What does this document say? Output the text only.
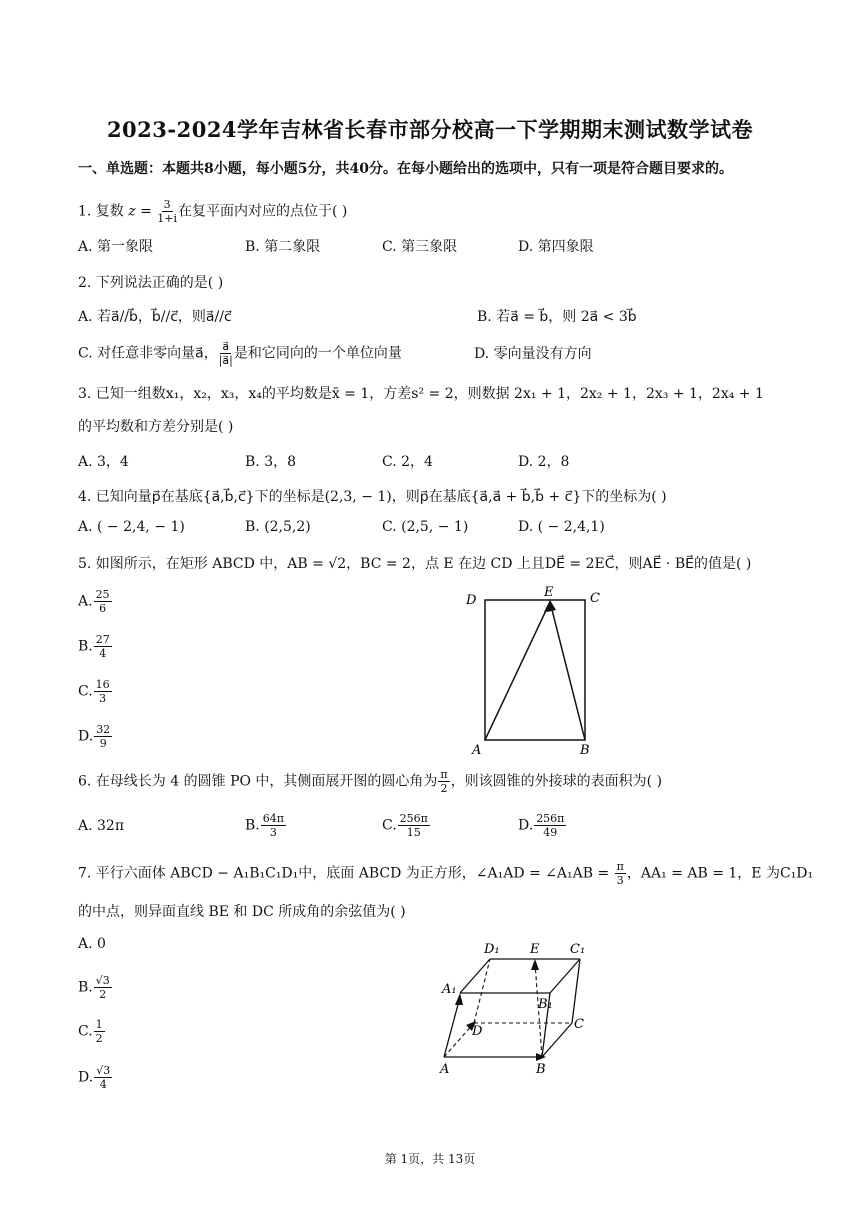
2023-2024学年吉林省长春市部分校高一下学期期末测试数学试卷
一、单选题：本题共8小题，每小题5分，共40分。在每小题给出的选项中，只有一项是符合题目要求的。
1. 复数 $z = \frac{3}{1+i}$ 在复平面内对应的点位于( )
A. 第一象限	B. 第二象限	C. 第三象限	D. 第四象限
2. 下列说法正确的是( )
A. 若a⃗//b⃗，b⃗//c⃗，则a⃗//c⃗	B. 若a⃗ = b⃗，则 2a⃗ < 3b⃗
C. 对任意非零向量a⃗， $\frac{a⃗}{|a⃗|}$ 是和它同向的一个单位向量	D. 零向量没有方向
3. 已知一组数x₁，x₂，x₃，x₄的平均数是x̄ = 1，方差s² = 2，则数据 2x₁ + 1，2x₂ + 1，2x₃ + 1，2x₄ + 1
的平均数和方差分别是( )
A. 3，4	B. 3，8	C. 2，4	D. 2，8
4. 已知向量p⃗在基底{a⃗,b⃗,c⃗}下的坐标是(2,3, − 1)，则p⃗在基底{a⃗,a⃗ + b⃗,b⃗ + c⃗}下的坐标为( )
A. ( − 2,4, − 1)	B. (2,5,2)	C. (2,5, − 1)	D. ( − 2,4,1)
5. 如图所示，在矩形 ABCD 中，AB = √2，BC = 2，点 E 在边 CD 上且DE⃗ = 2EC⃗，则AE⃗ · BE⃗的值是( )
A. $\frac{25}{6}$
B. $\frac{27}{4}$
C. $\frac{16}{3}$
D. $\frac{32}{9}$
D
E	C
A	B
6. 在母线长为 4 的圆锥 PO 中，其侧面展开图的圆心角为 $\frac{\pi}{2}$ ，则该圆锥的外接球的表面积为( )
A. 32π	B. $\frac{64\pi}{3}$	C. $\frac{256\pi}{15}$	D. $\frac{256\pi}{49}$
7. 平行六面体 ABCD − A₁B₁C₁D₁中，底面 ABCD 为正方形，∠A₁AD = ∠A₁AB = $\frac{\pi}{3}$ ，AA₁ = AB = 1，E 为C₁D₁
的中点，则异面直线 BE 和 DC 所成角的余弦值为( )
A. 0
B. $\frac{√3}{2}$
C. $\frac{1}{2}$
D. $\frac{√3}{4}$
D₁ E C₁
A₁
B₁
D	C
A	B
第 1页，共 13页
